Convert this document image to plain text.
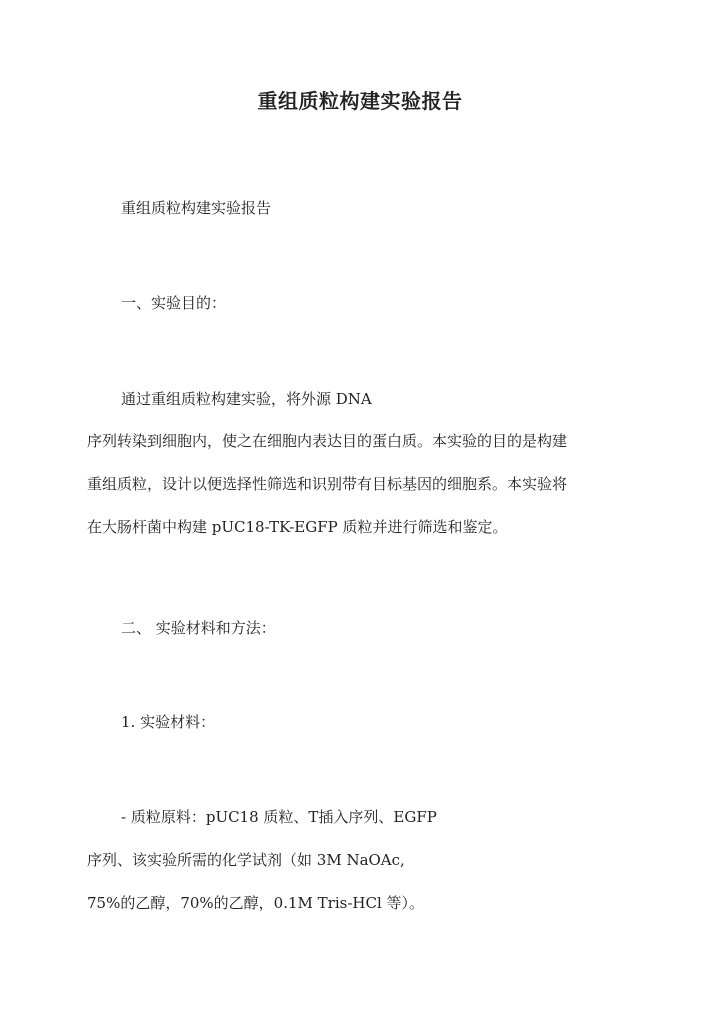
重组质粒构建实验报告
重组质粒构建实验报告
一、实验目的：
通过重组质粒构建实验，将外源 DNA
序列转染到细胞内，使之在细胞内表达目的蛋白质。本实验的目的是构建
重组质粒，设计以便选择性筛选和识别带有目标基因的细胞系。本实验将
在大肠杆菌中构建 pUC18-TK-EGFP 质粒并进行筛选和鉴定。
二、 实验材料和方法：
1. 实验材料：
- 质粒原料：pUC18 质粒、T插入序列、EGFP
序列、该实验所需的化学试剂（如 3M NaOAc,
75%的乙醇，70%的乙醇，0.1M Tris-HCl 等）。
